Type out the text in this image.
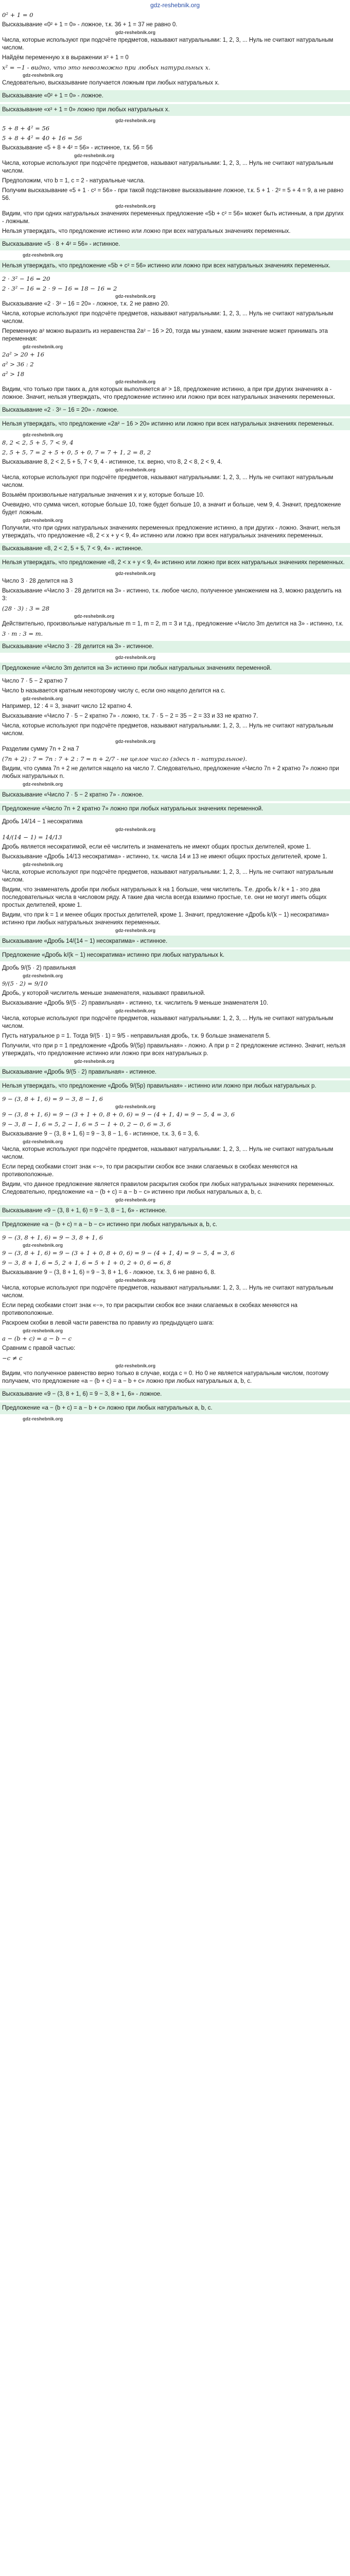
gdz-reshebnik.org

0² + 1 = 0

Высказывание «0² + 1 = 0» - ложное, т.к. 36 + 1 = 37 не равно 0.

gdz-reshebnik.org

Числа, которые используют при подсчёте предметов, называют натуральными: 1, 2, 3, ... Нуль не считают натуральным числом.

Найдём переменную x в выражении x² + 1 = 0

x² = −1 - видно, что это невозможно при любых натуральных x.

gdz-reshebnik.org

Следовательно, высказывание получается ложным при любых натуральных x.

Высказывание «0² + 1 = 0» - ложное.

Высказывание «x² + 1 = 0» ложно при любых натуральных x.

gdz-reshebnik.org

5 + 8 + 4² = 56

5 + 8 + 4² = 40 + 16 = 56

Высказывание «5 + 8 + 4² = 56» - истинное, т.к. 56 = 56

gdz-reshebnik.org

Числа, которые используют при подсчёте предметов, называют натуральными: 1, 2, 3, ... Нуль не считают натуральным числом.

Предположим, что b = 1, c = 2 - натуральные числа.

Получим высказывание «5 + 1 · c² = 56» - при такой подстановке высказывание ложное, т.к. 5 + 1 · 2² = 5 + 4 = 9, а не равно 56.

gdz-reshebnik.org

Видим, что при одних натуральных значениях переменных предложение «5b + c² = 56» может быть истинным, а при других - ложным.

Нельзя утверждать, что предложение истинно или ложно при всех натуральных значениях переменных.

Высказывание «5 · 8 + 4² = 56» - истинное.

gdz-reshebnik.org

Нельзя утверждать, что предложение «5b + c² = 56» истинно или ложно при всех натуральных значениях переменных.

2 · 3² − 16 = 20

2 · 3² − 16 = 2 · 9 − 16 = 18 − 16 = 2

gdz-reshebnik.org

Высказывание «2 · 3² − 16 = 20» - ложное, т.к. 2 не равно 20.

Числа, которые используют при подсчёте предметов, называют натуральными: 1, 2, 3, ... Нуль не считают натуральным числом.

Переменную a² можно выразить из неравенства 2a² − 16 > 20, тогда мы узнаем, каким значение может принимать эта переменная:

gdz-reshebnik.org

2a² > 20 + 16

a² > 36 : 2

a² > 18

gdz-reshebnik.org

Видим, что только при таких a, для которых выполняется a² > 18, предложение истинно, а при при других значениях a - ложное. Значит, нельзя утверждать, что предложение истинно или ложно при всех натуральных значениях переменных.

Высказывание «2 · 3² − 16 = 20» - ложное.

Нельзя утверждать, что предложение «2a² − 16 > 20» истинно или ложно при всех натуральных значениях переменных.

gdz-reshebnik.org

8, 2 < 2, 5 + 5, 7 < 9, 4

2, 5 + 5, 7 = 2 + 5 + 0, 5 + 0, 7 = 7 + 1, 2 = 8, 2

Высказывание 8, 2 < 2, 5 + 5, 7 < 9, 4 - истинное, т.к. верно, что 8, 2 < 8, 2 < 9, 4.

gdz-reshebnik.org

Числа, которые используют при подсчёте предметов, называют натуральными: 1, 2, 3, ... Нуль не считают натуральным числом.

Возьмём произвольные натуральные значения x и y, которые больше 10.

Очевидно, что сумма чисел, которые больше 10, тоже будет больше 10, а значит и больше, чем 9, 4. Значит, предложение будет ложным.

gdz-reshebnik.org

Получили, что при одних натуральных значениях переменных предложение истинно, а при других - ложно. Значит, нельзя утверждать, что предложение «8, 2 < x + y < 9, 4» истинно или ложно при всех натуральных значениях переменных.

Высказывание «8, 2 < 2, 5 + 5, 7 < 9, 4» - истинное.

Нельзя утверждать, что предложение «8, 2 < x + y < 9, 4» истинно или ложно при всех натуральных значениях переменных.

gdz-reshebnik.org

Число 3 · 28 делится на 3

Высказывание «Число 3 · 28 делится на 3» - истинно, т.к. любое число, полученное умножением на 3, можно разделить на 3:

(28 · 3) : 3 = 28

gdz-reshebnik.org

Действительно, произвольные натуральные m = 1, m = 2, m = 3 и т.д., предложение «Число 3m делится на 3» - истинно, т.к.

3 · m : 3 = m.

Высказывание «Число 3 · 28 делится на 3» - истинное.

gdz-reshebnik.org

Предложение «Число 3m делится на 3» истинно при любых натуральных значениях переменной.

Число 7 · 5 − 2 кратно 7

Число b называется кратным некоторому числу c, если оно нацело делится на c.

gdz-reshebnik.org

Например, 12 : 4 = 3, значит число 12 кратно 4.

Высказывание «Число 7 · 5 − 2 кратно 7» - ложно, т.к. 7 · 5 − 2 = 35 − 2 = 33 и 33 не кратно 7.

Числа, которые используют при подсчёте предметов, называют натуральными: 1, 2, 3, ... Нуль не считают натуральным числом.

gdz-reshebnik.org

Разделим сумму 7n + 2 на 7

(7n + 2) : 7 = 7n : 7 + 2 : 7 = n + 2/7 - не целое число (здесь n - натуральное).

Видим, что сумма 7n + 2 не делится нацело на число 7. Следовательно, предложение «Число 7n + 2 кратно 7» ложно при любых натуральных n.

gdz-reshebnik.org

Высказывание «Число 7 · 5 − 2 кратно 7» - ложное.

Предложение «Число 7n + 2 кратно 7» ложно при любых натуральных значениях переменной.

Дробь 14/14 − 1 несократима

gdz-reshebnik.org

14/(14 − 1) = 14/13

Дробь является несократимой, если её числитель и знаменатель не имеют общих простых делителей, кроме 1.

Высказывание «Дробь 14/13 несократима» - истинно, т.к. числа 14 и 13 не имеют общих простых делителей, кроме 1.

gdz-reshebnik.org

Числа, которые используют при подсчёте предметов, называют натуральными: 1, 2, 3, ... Нуль не считают натуральным числом.

Видим, что знаменатель дроби при любых натуральных k на 1 больше, чем числитель. Т.е. дробь k / k + 1 - это два последовательных числа в числовом ряду. А такие два числа всегда взаимно простые, т.е. они не могут иметь общих простых делителей, кроме 1.

Видим, что при k = 1 и менее общих простых делителей, кроме 1. Значит, предложение «Дробь k/(k − 1) несократима» истинно при любых натуральных значениях переменных.

gdz-reshebnik.org

Высказывание «Дробь 14/(14 − 1) несократима» - истинное.

Предложение «Дробь k/(k − 1) несократима» истинно при любых натуральных k.

Дробь 9/(5 · 2) правильная

gdz-reshebnik.org

9/(5 · 2) = 9/10

Дробь, у которой числитель меньше знаменателя, называют правильной.

Высказывание «Дробь 9/(5 · 2) правильная» - истинно, т.к. числитель 9 меньше знаменателя 10.

gdz-reshebnik.org

Числа, которые используют при подсчёте предметов, называют натуральными: 1, 2, 3, ... Нуль не считают натуральным числом.

Пусть натуральное p = 1. Тогда 9/(5 · 1) = 9/5 - неправильная дробь, т.к. 9 больше знаменателя 5.

Получили, что при p = 1 предложение «Дробь 9/(5p) правильная» - ложно. А при p = 2 предложение истинно. Значит, нельзя утверждать, что предложение истинно или ложно при всех натуральных p.

gdz-reshebnik.org

Высказывание «Дробь 9/(5 · 2) правильная» - истинное.

Нельзя утверждать, что предложение «Дробь 9/(5p) правильная» - истинно или ложно при любых натуральных p.

9 − (3, 8 + 1, 6) = 9 − 3, 8 − 1, 6

gdz-reshebnik.org

9 − (3, 8 + 1, 6) = 9 − (3 + 1 + 0, 8 + 0, 6) = 9 − (4 + 1, 4) = 9 − 5, 4 = 3, 6

9 − 3, 8 − 1, 6 = 5, 2 − 1, 6 = 5 − 1 + 0, 2 − 0, 6 = 3, 6

Высказывание 9 − (3, 8 + 1, 6) = 9 − 3, 8 − 1, 6 - истинное, т.к. 3, 6 = 3, 6.

gdz-reshebnik.org

Числа, которые используют при подсчёте предметов, называют натуральными: 1, 2, 3, ... Нуль не считают натуральным числом.

Если перед скобками стоит знак «−», то при раскрытии скобок все знаки слагаемых в скобках меняются на противоположные.

Видим, что данное предложение является правилом раскрытия скобок при любых натуральных значениях переменных. Следовательно, предложение «a − (b + c) = a − b − c» истинно при любых натуральных a, b, c.

gdz-reshebnik.org

Высказывание «9 − (3, 8 + 1, 6) = 9 − 3, 8 − 1, 6» - истинное.

Предложение «a − (b + c) = a − b − c» истинно при любых натуральных a, b, c.

9 − (3, 8 + 1, 6) = 9 − 3, 8 + 1, 6

gdz-reshebnik.org

9 − (3, 8 + 1, 6) = 9 − (3 + 1 + 0, 8 + 0, 6) = 9 − (4 + 1, 4) = 9 − 5, 4 = 3, 6

9 − 3, 8 + 1, 6 = 5, 2 + 1, 6 = 5 + 1 + 0, 2 + 0, 6 = 6, 8

Высказывание 9 − (3, 8 + 1, 6) = 9 − 3, 8 + 1, 6 - ложное, т.к. 3, 6 не равно 6, 8.

gdz-reshebnik.org

Числа, которые используют при подсчёте предметов, называют натуральными: 1, 2, 3, ... Нуль не считают натуральным числом.

Если перед скобками стоит знак «−», то при раскрытии скобок все знаки слагаемых в скобках меняются на противоположные.

Раскроем скобки в левой части равенства по правилу из предыдущего шага:

gdz-reshebnik.org

a − (b + c) = a − b − c

Сравним с правой частью:

−c ≠ c

gdz-reshebnik.org

Видим, что полученное равенство верно только в случае, когда c = 0. Но 0 не является натуральным числом, поэтому получаем, что предложение «a − (b + c) = a − b + c» ложно при любых натуральных a, b, c.

Высказывание «9 − (3, 8 + 1, 6) = 9 − 3, 8 + 1, 6» - ложное.

Предложение «a − (b + c) = a − b + c» ложно при любых натуральных a, b, c.

gdz-reshebnik.org
